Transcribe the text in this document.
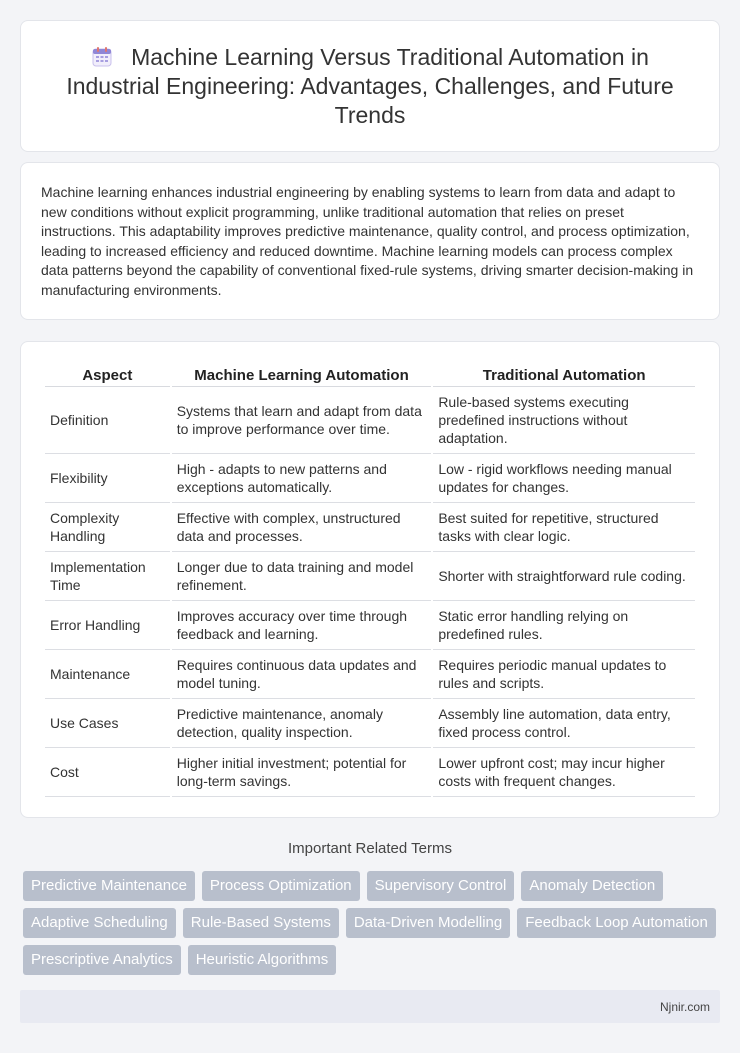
Machine Learning Versus Traditional Automation in Industrial Engineering: Advantages, Challenges, and Future Trends

Machine learning enhances industrial engineering by enabling systems to learn from data and adapt to new conditions without explicit programming, unlike traditional automation that relies on preset instructions. This adaptability improves predictive maintenance, quality control, and process optimization, leading to increased efficiency and reduced downtime. Machine learning models can process complex data patterns beyond the capability of conventional fixed-rule systems, driving smarter decision-making in manufacturing environments.

Aspect	Machine Learning Automation	Traditional Automation
Definition	Systems that learn and adapt from data to improve performance over time.	Rule-based systems executing predefined instructions without adaptation.
Flexibility	High - adapts to new patterns and exceptions automatically.	Low - rigid workflows needing manual updates for changes.
Complexity Handling	Effective with complex, unstructured data and processes.	Best suited for repetitive, structured tasks with clear logic.
Implementation Time	Longer due to data training and model refinement.	Shorter with straightforward rule coding.
Error Handling	Improves accuracy over time through feedback and learning.	Static error handling relying on predefined rules.
Maintenance	Requires continuous data updates and model tuning.	Requires periodic manual updates to rules and scripts.
Use Cases	Predictive maintenance, anomaly detection, quality inspection.	Assembly line automation, data entry, fixed process control.
Cost	Higher initial investment; potential for long-term savings.	Lower upfront cost; may incur higher costs with frequent changes.
Important Related Terms
Predictive Maintenance	Process Optimization	Supervisory Control	Anomaly Detection
Adaptive Scheduling	Rule-Based Systems	Data-Driven Modelling	Feedback Loop Automation
Prescriptive Analytics	Heuristic Algorithms
Njnir.com
